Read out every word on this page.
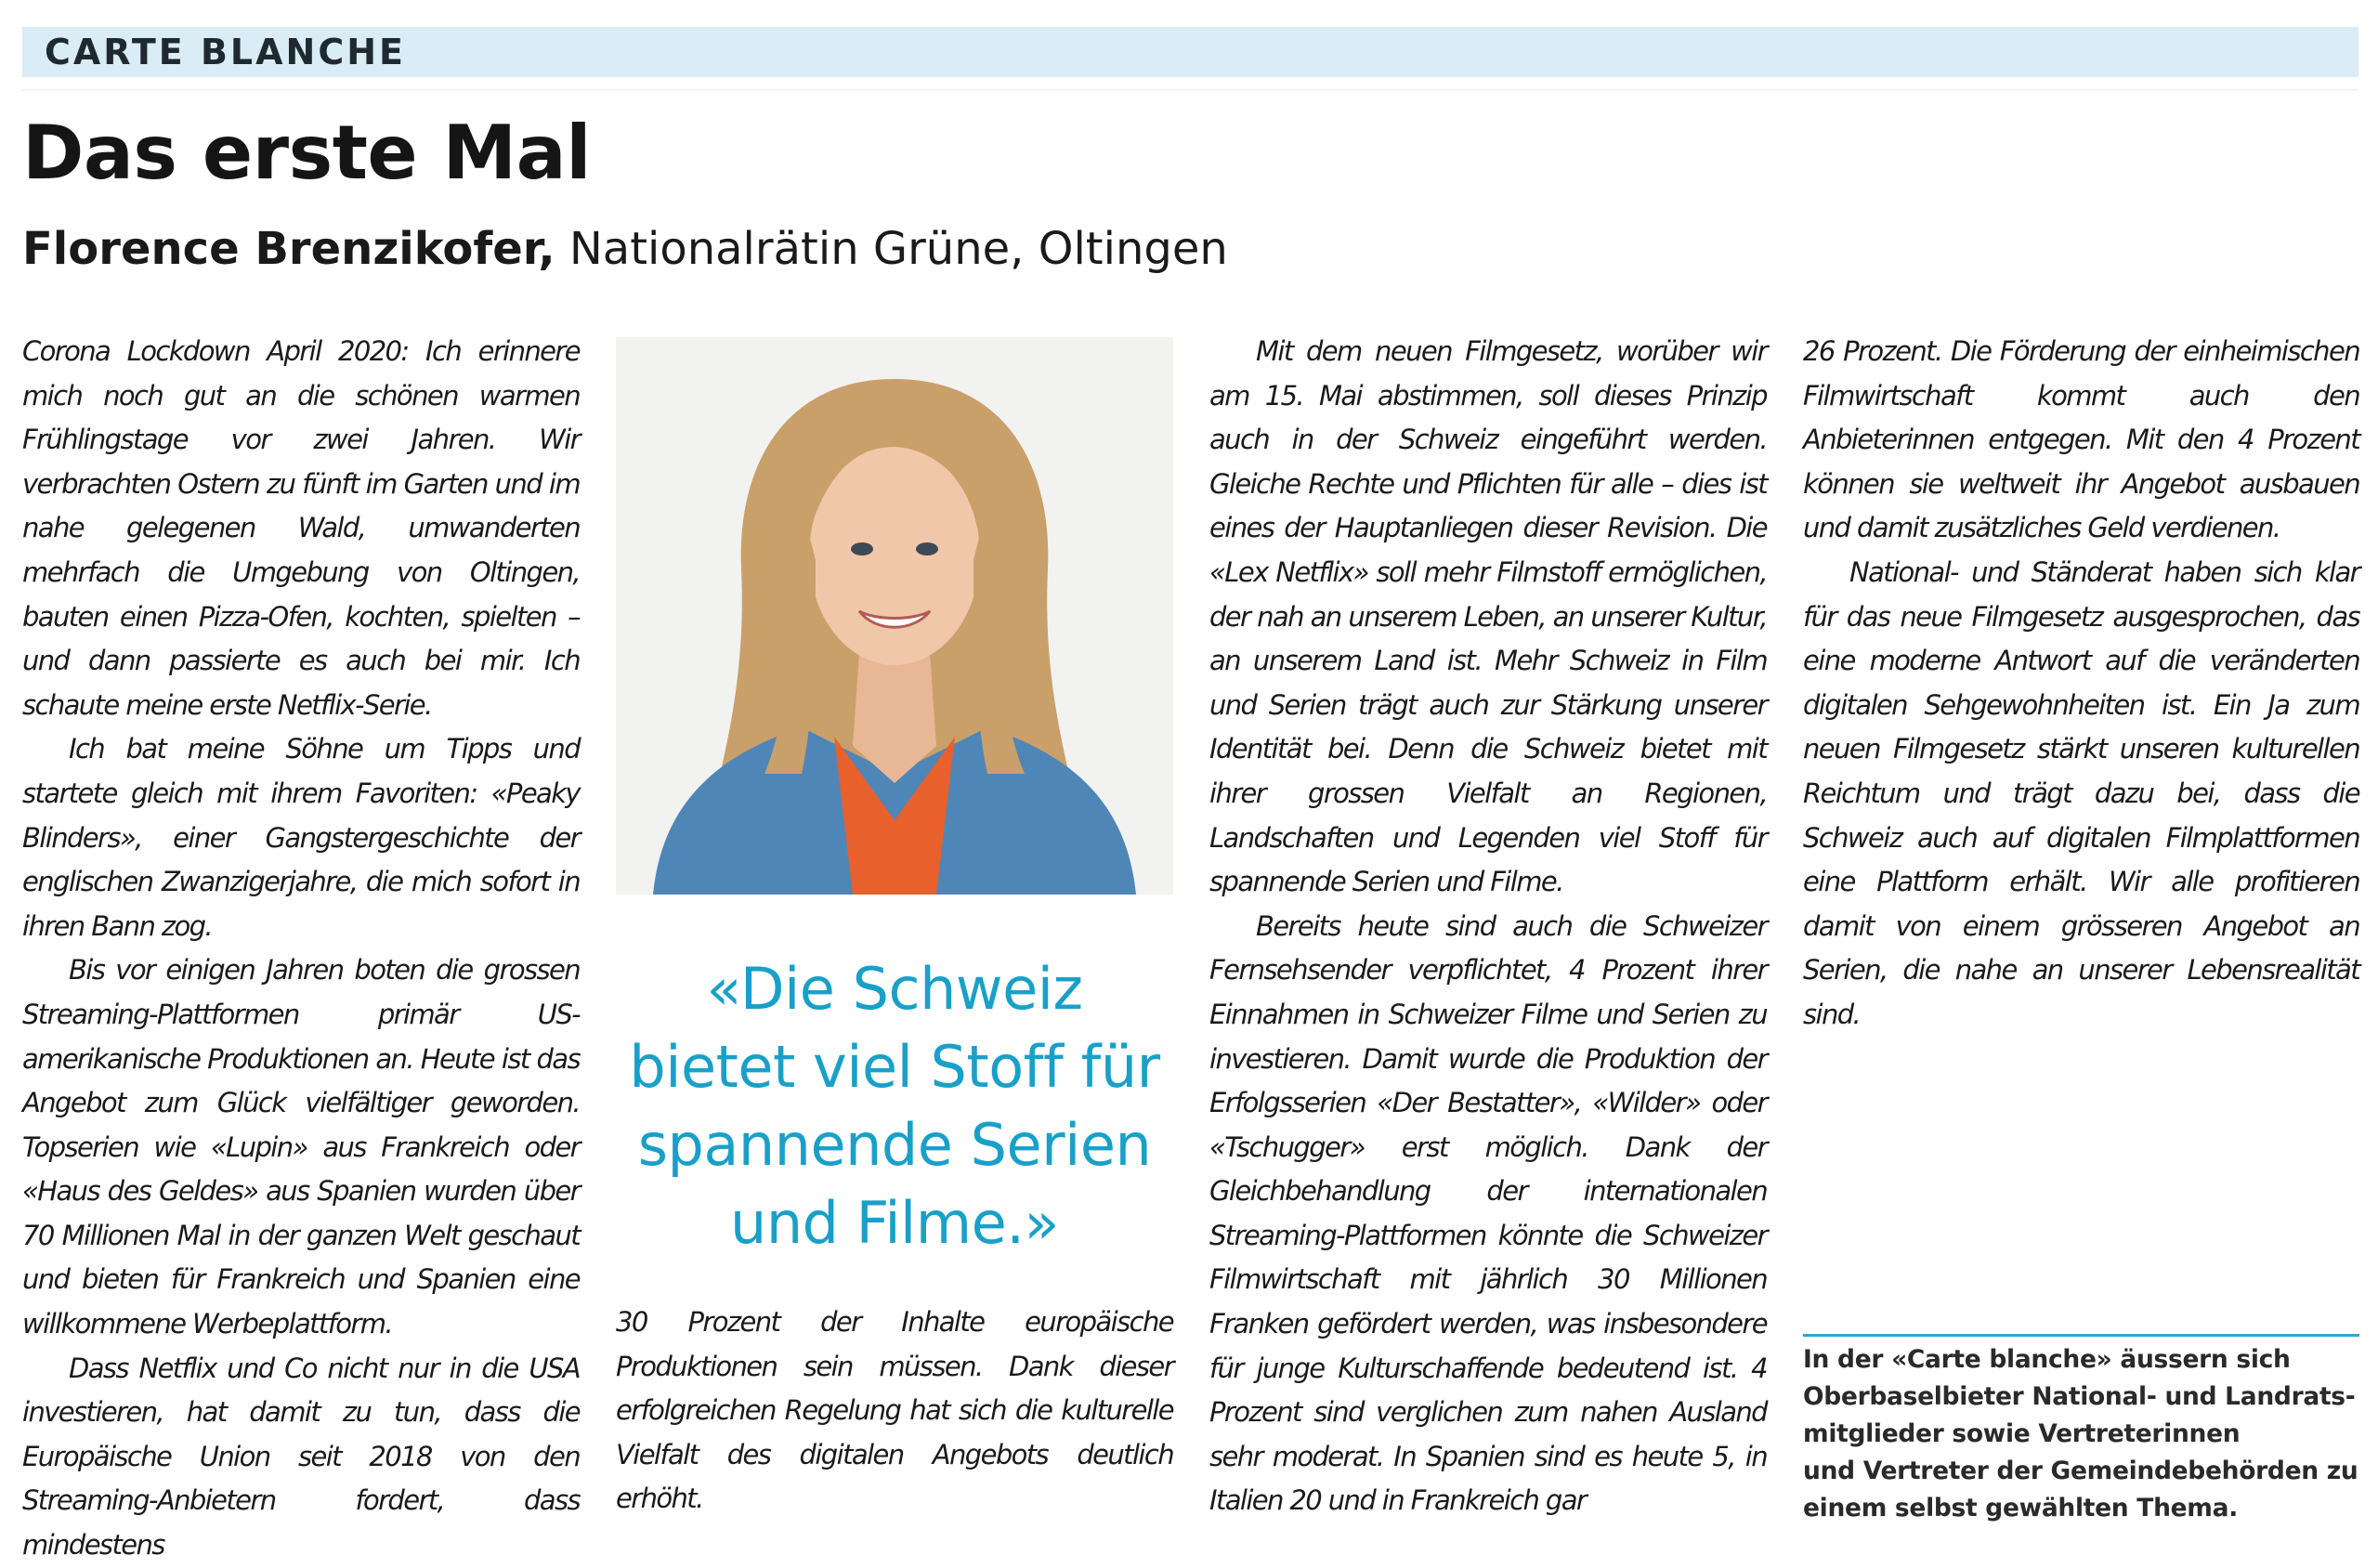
CARTE BLANCHE
Das erste Mal
Florence Brenzikofer, Nationalrätin Grüne, Oltingen

Corona Lockdown April 2020: Ich erinnere mich noch gut an die schönen warmen Frühlingstage vor zwei Jahren. Wir verbrachten Ostern zu fünft im Garten und im nahe gelegenen Wald, umwanderten mehrfach die Umgebung von Oltingen, bauten einen Pizza-Ofen, kochten, spielten – und dann passierte es auch bei mir. Ich schaute meine erste Netflix-Serie.

Ich bat meine Söhne um Tipps und startete gleich mit ihrem Favoriten: «Peaky Blinders», einer Gangstergeschichte der englischen Zwanzigerjahre, die mich sofort in ihren Bann zog.

Bis vor einigen Jahren boten die grossen Streaming-Plattformen primär US-amerikanische Produktionen an. Heute ist das Angebot zum Glück vielfältiger geworden. Topserien wie «Lupin» aus Frankreich oder «Haus des Geldes» aus Spanien wurden über 70 Millionen Mal in der ganzen Welt geschaut und bieten für Frankreich und Spanien eine willkommene Werbeplattform.

Dass Netflix und Co nicht nur in die USA investieren, hat damit zu tun, dass die Europäische Union seit 2018 von den Streaming-Anbietern fordert, dass mindestens

«Die Schweiz bietet viel Stoff für spannende Serien und Filme.»

30 Prozent der Inhalte europäische Produktionen sein müssen. Dank dieser erfolgreichen Regelung hat sich die kulturelle Vielfalt des digitalen Angebots deutlich erhöht.

Mit dem neuen Filmgesetz, worüber wir am 15. Mai abstimmen, soll dieses Prinzip auch in der Schweiz eingeführt werden. Gleiche Rechte und Pflichten für alle – dies ist eines der Hauptanliegen dieser Revision. Die «Lex Netflix» soll mehr Filmstoff ermöglichen, der nah an unserem Leben, an unserer Kultur, an unserem Land ist. Mehr Schweiz in Film und Serien trägt auch zur Stärkung unserer Identität bei. Denn die Schweiz bietet mit ihrer grossen Vielfalt an Regionen, Landschaften und Legenden viel Stoff für spannende Serien und Filme.

Bereits heute sind auch die Schweizer Fernsehsender verpflichtet, 4 Prozent ihrer Einnahmen in Schweizer Filme und Serien zu investieren. Damit wurde die Produktion der Erfolgsserien «Der Bestatter», «Wilder» oder «Tschugger» erst möglich. Dank der Gleichbehandlung der internationalen Streaming-Plattformen könnte die Schweizer Filmwirtschaft mit jährlich 30 Millionen Franken gefördert werden, was insbesondere für junge Kulturschaffende bedeutend ist. 4 Prozent sind verglichen zum nahen Ausland sehr moderat. In Spanien sind es heute 5, in Italien 20 und in Frankreich gar

26 Prozent. Die Förderung der einheimischen Filmwirtschaft kommt auch den Anbieterinnen entgegen. Mit den 4 Prozent können sie weltweit ihr Angebot ausbauen und damit zusätzliches Geld verdienen.

National- und Ständerat haben sich klar für das neue Filmgesetz ausgesprochen, das eine moderne Antwort auf die veränderten digitalen Sehgewohnheiten ist. Ein Ja zum neuen Filmgesetz stärkt unseren kulturellen Reichtum und trägt dazu bei, dass die Schweiz auch auf digitalen Filmplattformen eine Plattform erhält. Wir alle profitieren damit von einem grösseren Angebot an Serien, die nahe an unserer Lebensrealität sind.

In der «Carte blanche» äussern sich
Oberbaselbieter National- und Landrats-
mitglieder sowie Vertreterinnen
und Vertreter der Gemeindebehörden zu
einem selbst gewählten Thema.
